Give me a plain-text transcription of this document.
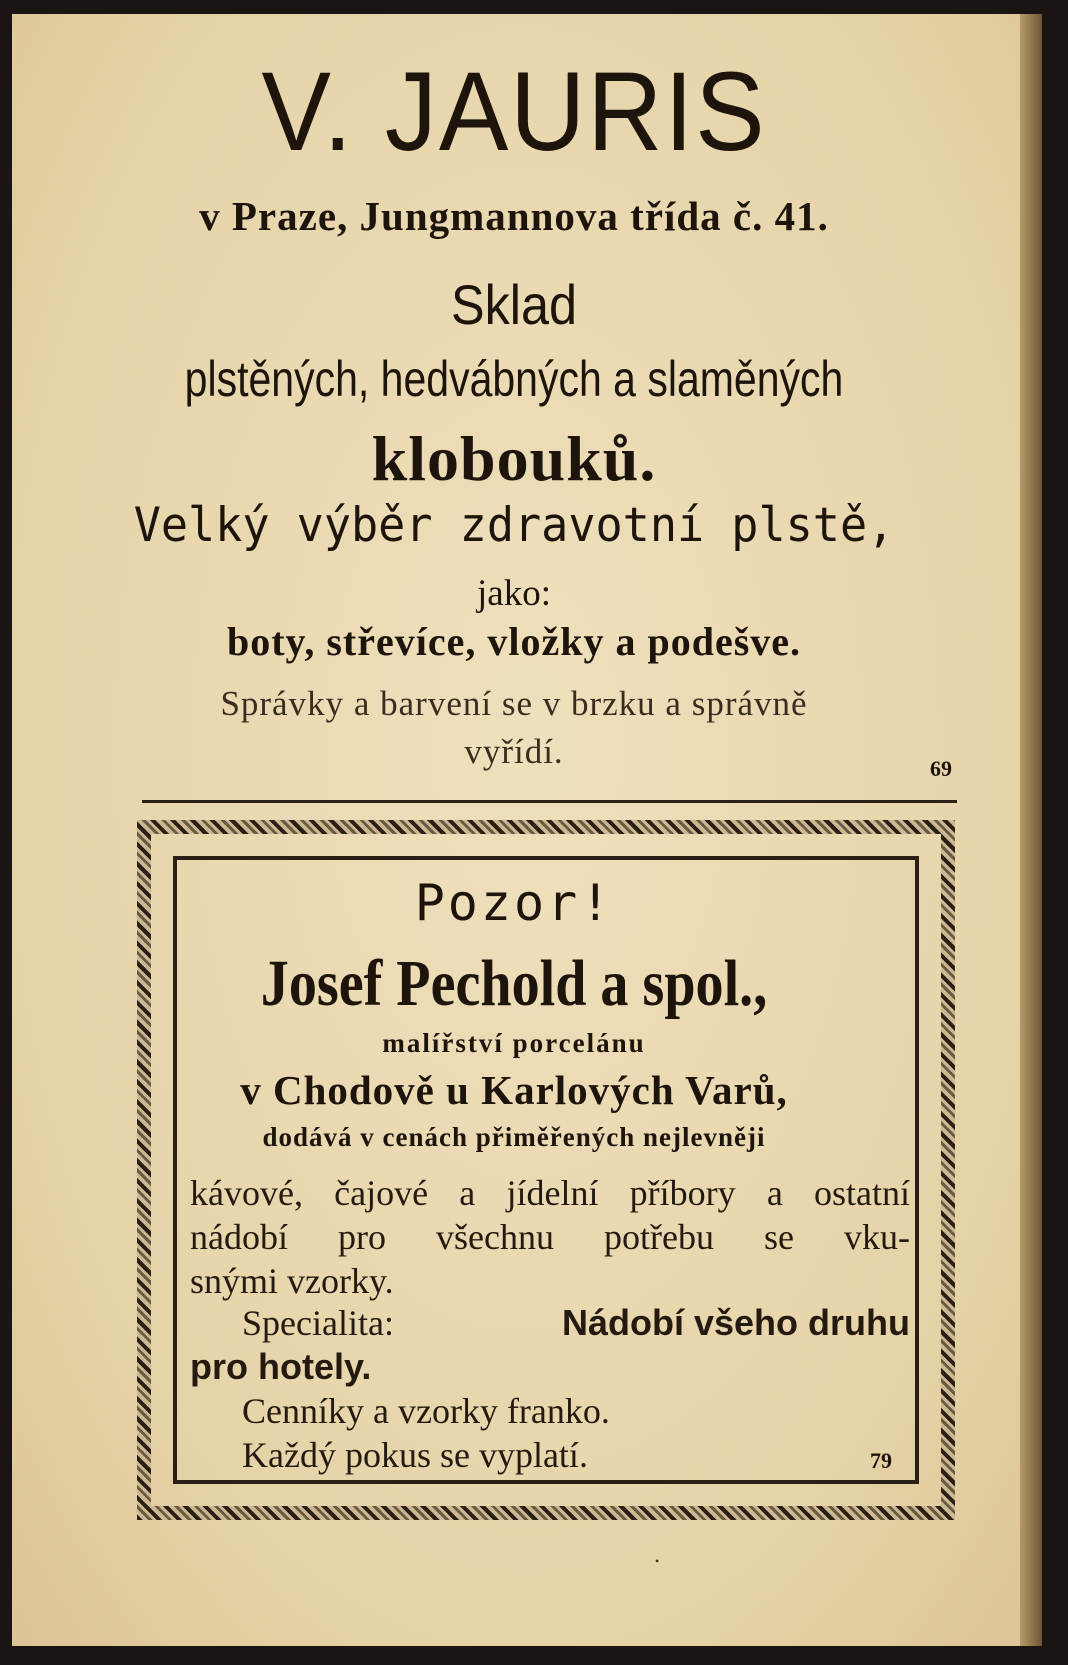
V. JAURIS
v Praze, Jungmannova třída č. 41.
Sklad
plstěných, hedvábných a slaměných
klobouků.
Velký výběr zdravotní plstě,
jako:
boty, střevíce, vložky a podešve.
Správky a barvení se v brzku a správně
vyřídí.	69
Pozor!
Josef Pechold a spol.,
malířství porcelánu
v Chodově u Karlových Varů,
dodává v cenách přiměřených nejlevněji
kávové, čajové a jídelní příbory a ostatní
nádobí pro všechnu potřebu se vku-
snými vzorky.
Specialita:	Nádobí všeho druhu
pro hotely.
Cenníky a vzorky franko.
Každý pokus se vyplatí.	79
•
